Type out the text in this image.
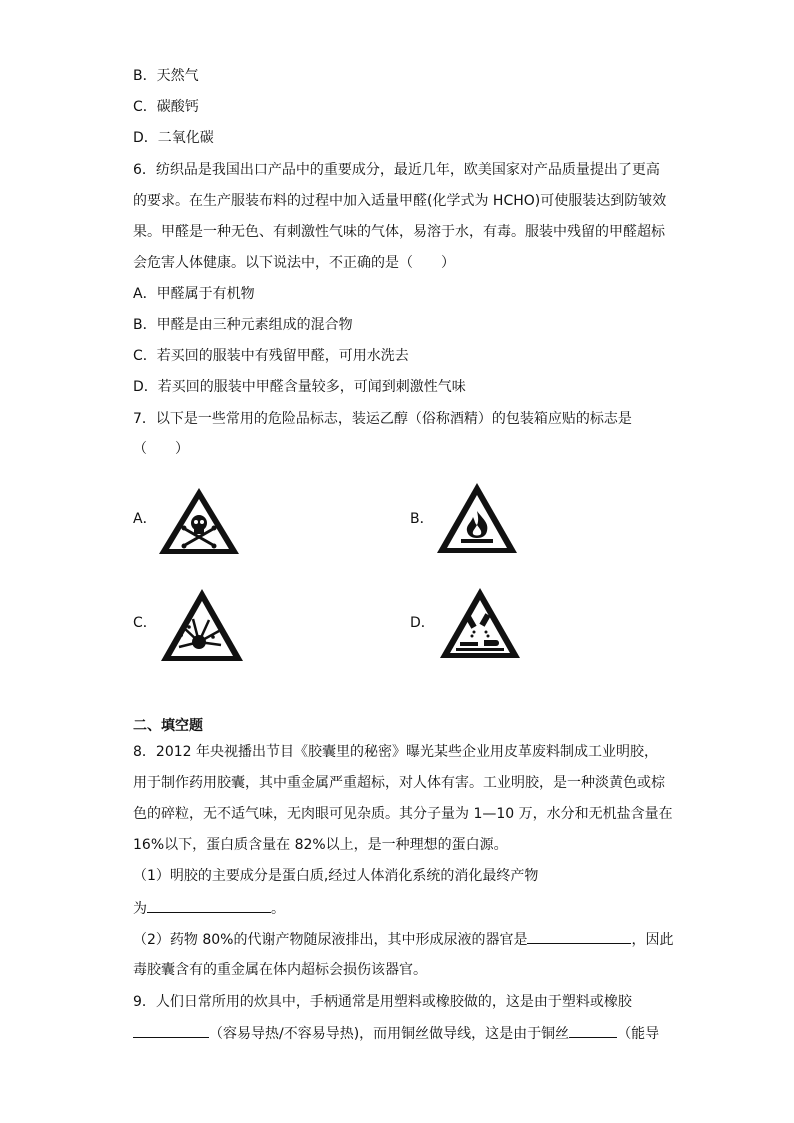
B．天然气
C．碳酸钙
D．二氧化碳
6．纺织品是我国出口产品中的重要成分，最近几年，欧美国家对产品质量提出了更高
的要求。在生产服装布料的过程中加入适量甲醛(化学式为 HCHO)可使服装达到防皱效
果。甲醛是一种无色、有刺激性气味的气体，易溶于水，有毒。服装中残留的甲醛超标
会危害人体健康。以下说法中，不正确的是（　　）
A．甲醛属于有机物
B．甲醛是由三种元素组成的混合物
C．若买回的服装中有残留甲醛，可用水洗去
D．若买回的服装中甲醛含量较多，可闻到刺激性气味
7．以下是一些常用的危险品标志，装运乙醇（俗称酒精）的包装箱应贴的标志是
（　　）
A．	B．
C．	D．
二、填空题
8．2012 年央视播出节目《胶囊里的秘密》曝光某些企业用皮革废料制成工业明胶，
用于制作药用胶囊，其中重金属严重超标，对人体有害。工业明胶，是一种淡黄色或棕
色的碎粒，无不适气味，无肉眼可见杂质。其分子量为 1—10 万，水分和无机盐含量在
16%以下，蛋白质含量在 82%以上，是一种理想的蛋白源。
（1）明胶的主要成分是蛋白质,经过人体消化系统的消化最终产物
为	。
（2）药物 80%的代谢产物随尿液排出，其中形成尿液的器官是	，因此
毒胶囊含有的重金属在体内超标会损伤该器官。
9．人们日常所用的炊具中，手柄通常是用塑料或橡胶做的，这是由于塑料或橡胶
（容易导热/不容易导热)，而用铜丝做导线，这是由于铜丝	（能导
